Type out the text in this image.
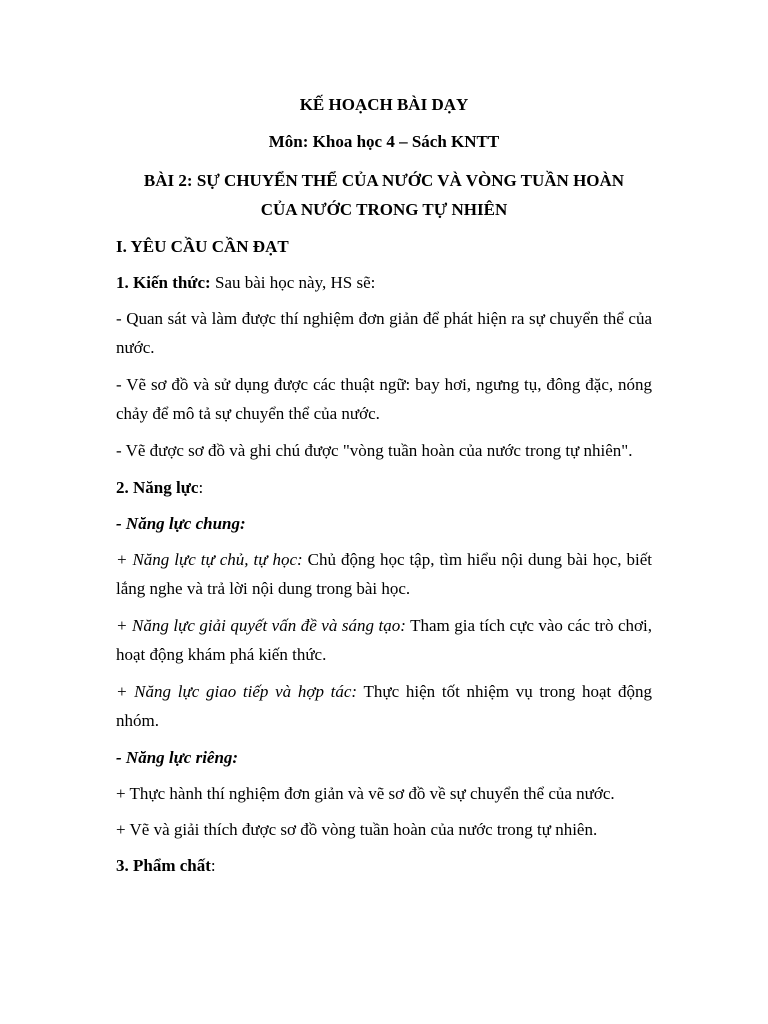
KẾ HOẠCH BÀI DẠY

Môn: Khoa học 4 – Sách KNTT

BÀI 2: SỰ CHUYỂN THỂ CỦA NƯỚC VÀ VÒNG TUẦN HOÀN
CỦA NƯỚC TRONG TỰ NHIÊN

I. YÊU CẦU CẦN ĐẠT

1. Kiến thức: Sau bài học này, HS sẽ:

- Quan sát và làm được thí nghiệm đơn giản để phát hiện ra sự chuyển thể của nước.

- Vẽ sơ đồ và sử dụng được các thuật ngữ: bay hơi, ngưng tụ, đông đặc, nóng chảy để mô tả sự chuyển thể của nước.

- Vẽ được sơ đồ và ghi chú được "vòng tuần hoàn của nước trong tự nhiên".

2. Năng lực:

- Năng lực chung:

+ Năng lực tự chủ, tự học: Chủ động học tập, tìm hiểu nội dung bài học, biết lắng nghe và trả lời nội dung trong bài học.

+ Năng lực giải quyết vấn đề và sáng tạo: Tham gia tích cực vào các trò chơi, hoạt động khám phá kiến thức.

+ Năng lực giao tiếp và hợp tác: Thực hiện tốt nhiệm vụ trong hoạt động nhóm.

- Năng lực riêng:

+ Thực hành thí nghiệm đơn giản và vẽ sơ đồ về sự chuyển thể của nước.

+ Vẽ và giải thích được sơ đồ vòng tuần hoàn của nước trong tự nhiên.

3. Phẩm chất:
